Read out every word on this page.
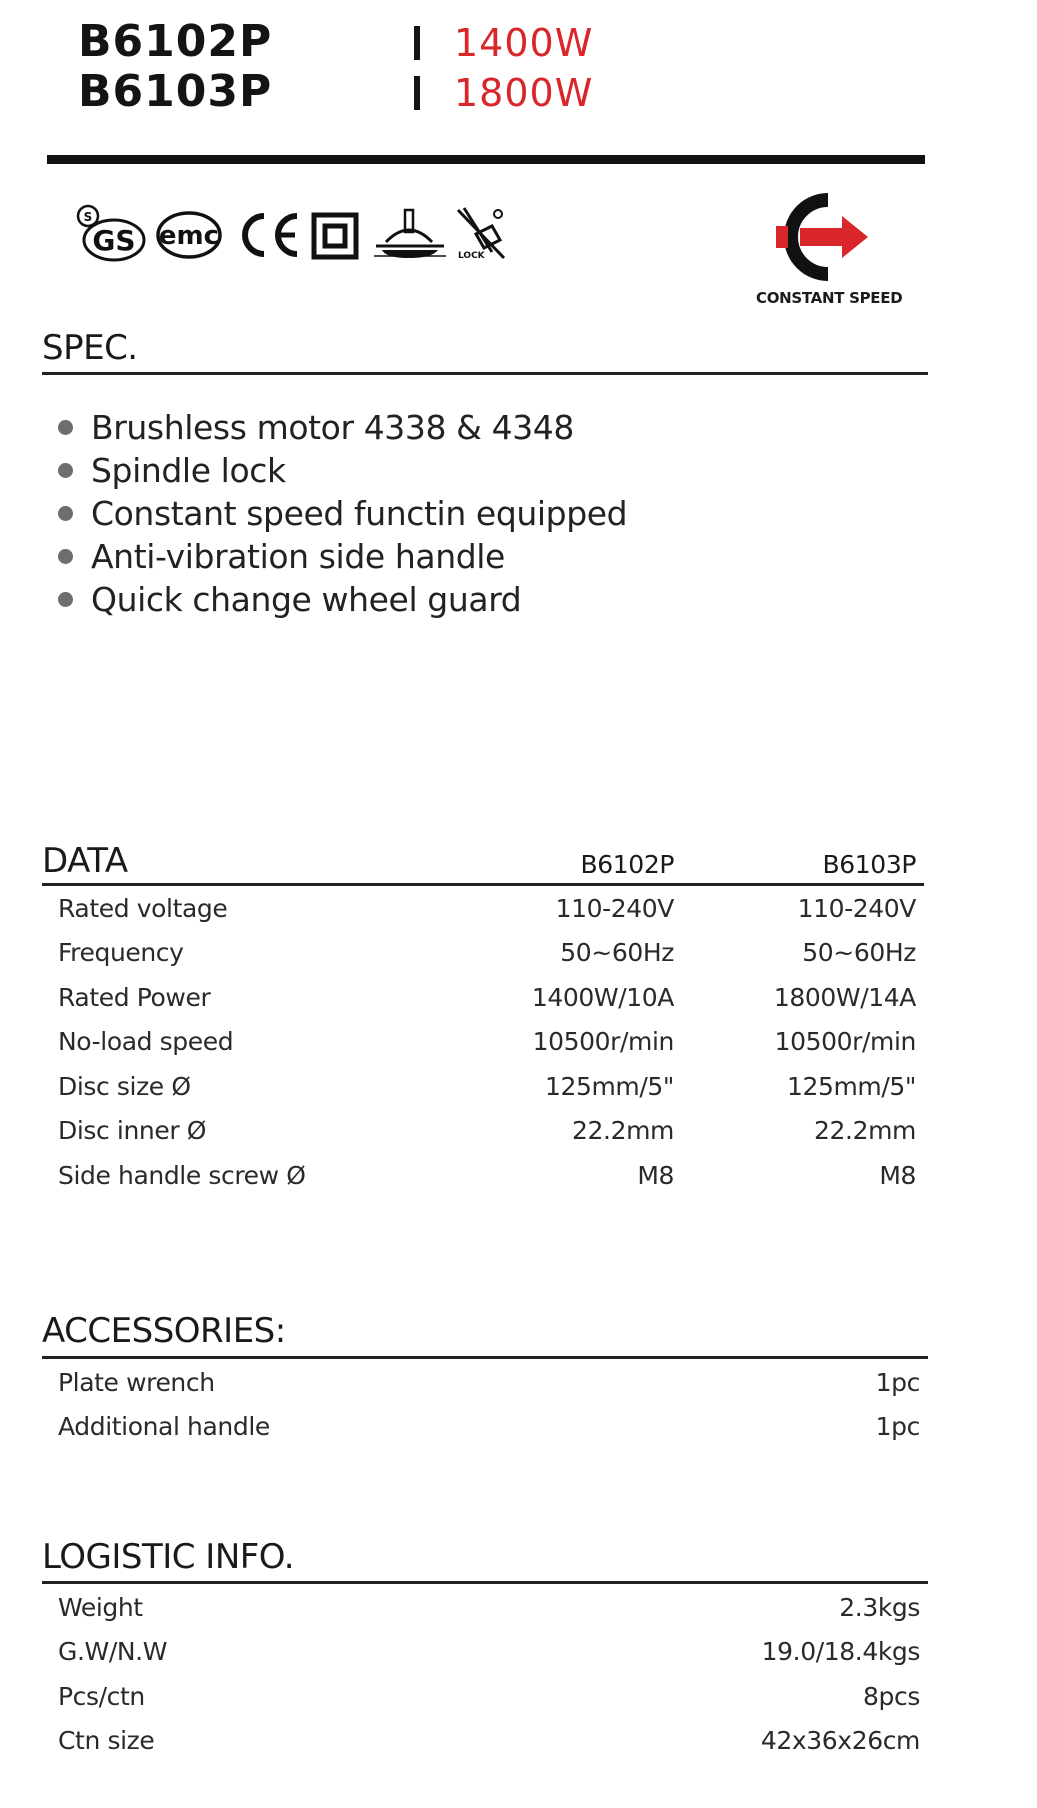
B6102P
B6103P
1400W
1800W
S
GS emc
LOCK
CONSTANT SPEED
SPEC.
Brushless motor 4338 & 4348
Spindle lock
Constant speed functin equipped
Anti-vibration side handle
Quick change wheel guard
DATA	B6102P	B6103P
Rated voltage	110-240V	110-240V
Frequency	50~60Hz	50~60Hz
Rated Power	1400W/10A	1800W/14A
No-load speed	10500r/min	10500r/min
Disc size Ø	125mm/5"	125mm/5"
Disc inner Ø	22.2mm	22.2mm
Side handle screw Ø	M8	M8
ACCESSORIES:
Plate wrench	1pc
Additional handle	1pc
LOGISTIC INFO.
Weight	2.3kgs
G.W/N.W	19.0/18.4kgs
Pcs/ctn	8pcs
Ctn size	42x36x26cm
